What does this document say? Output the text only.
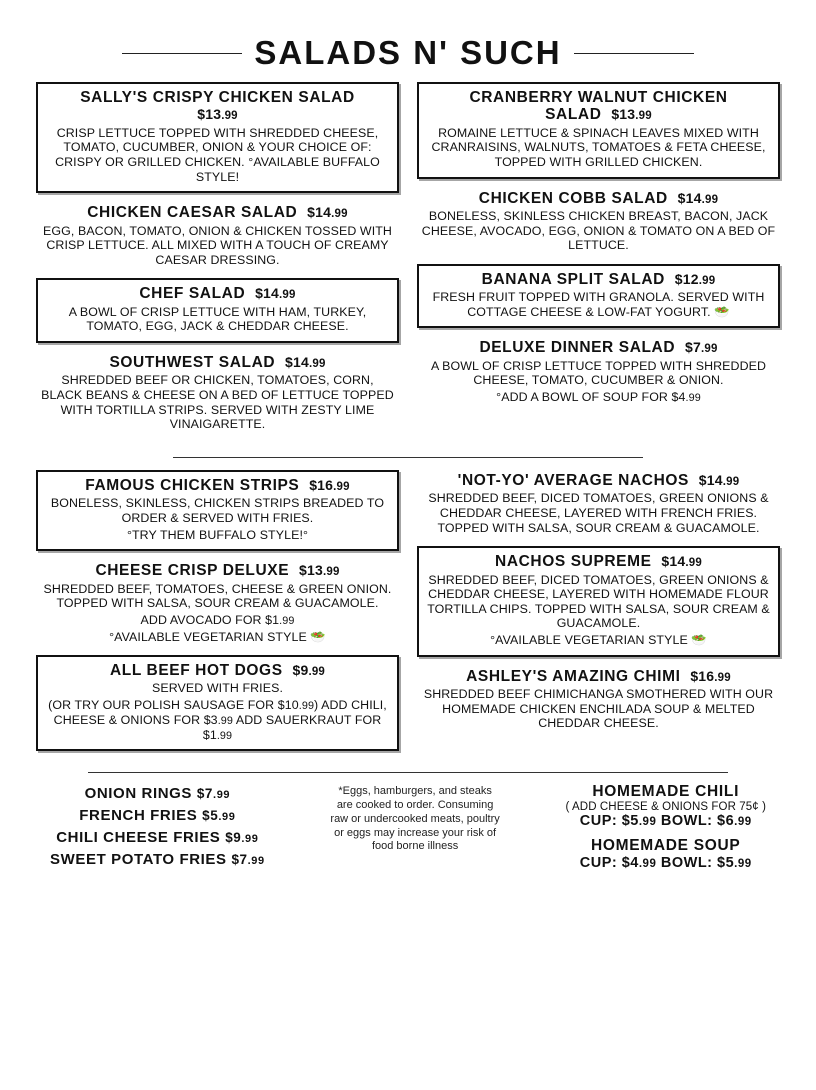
SALADS N' SUCH
SALLY'S CRISPY CHICKEN SALAD
$13.99
CRISP LETTUCE TOPPED WITH SHREDDED CHEESE, TOMATO, CUCUMBER, ONION & YOUR CHOICE OF: CRISPY OR GRILLED CHICKEN. °AVAILABLE BUFFALO STYLE!
CHICKEN CAESAR SALAD  $14.99
EGG, BACON, TOMATO, ONION & CHICKEN TOSSED WITH CRISP LETTUCE. ALL MIXED WITH A TOUCH OF CREAMY CAESAR DRESSING.
CHEF SALAD  $14.99
A BOWL OF CRISP LETTUCE WITH HAM, TURKEY, TOMATO, EGG, JACK & CHEDDAR CHEESE.
SOUTHWEST SALAD  $14.99
SHREDDED BEEF OR CHICKEN, TOMATOES, CORN, BLACK BEANS & CHEESE ON A BED OF LETTUCE TOPPED WITH TORTILLA STRIPS. SERVED WITH ZESTY LIME VINAIGARETTE.
CRANBERRY WALNUT CHICKEN SALAD  $13.99
ROMAINE LETTUCE & SPINACH LEAVES MIXED WITH CRANRAISINS, WALNUTS, TOMATOES & FETA CHEESE, TOPPED WITH GRILLED CHICKEN.
CHICKEN COBB SALAD  $14.99
BONELESS, SKINLESS CHICKEN BREAST, BACON, JACK CHEESE, AVOCADO, EGG, ONION & TOMATO ON A BED OF LETTUCE.
BANANA SPLIT SALAD  $12.99
FRESH FRUIT TOPPED WITH GRANOLA. SERVED WITH COTTAGE CHEESE & LOW-FAT YOGURT. 🥗
DELUXE DINNER SALAD  $7.99
A BOWL OF CRISP LETTUCE TOPPED WITH SHREDDED CHEESE, TOMATO, CUCUMBER & ONION.
°ADD A BOWL OF SOUP FOR $4.99
FAMOUS CHICKEN STRIPS  $16.99
BONELESS, SKINLESS, CHICKEN STRIPS BREADED TO ORDER & SERVED WITH FRIES.
°TRY THEM BUFFALO STYLE!°
CHEESE CRISP DELUXE  $13.99
SHREDDED BEEF, TOMATOES, CHEESE & GREEN ONION. TOPPED WITH SALSA, SOUR CREAM & GUACAMOLE.
ADD AVOCADO FOR $1.99
°AVAILABLE VEGETARIAN STYLE 🥗
ALL BEEF HOT DOGS  $9.99
SERVED WITH FRIES.
(OR TRY OUR POLISH SAUSAGE FOR $10.99) ADD CHILI, CHEESE & ONIONS FOR $3.99 ADD SAUERKRAUT FOR $1.99
'NOT-YO' AVERAGE NACHOS  $14.99
SHREDDED BEEF, DICED TOMATOES, GREEN ONIONS & CHEDDAR CHEESE, LAYERED WITH FRENCH FRIES. TOPPED WITH SALSA, SOUR CREAM & GUACAMOLE.
NACHOS SUPREME  $14.99
SHREDDED BEEF, DICED TOMATOES, GREEN ONIONS & CHEDDAR CHEESE, LAYERED WITH HOMEMADE FLOUR TORTILLA CHIPS. TOPPED WITH SALSA, SOUR CREAM & GUACAMOLE.
°AVAILABLE VEGETARIAN STYLE 🥗
ASHLEY'S AMAZING CHIMI  $16.99
SHREDDED BEEF CHIMICHANGA SMOTHERED WITH OUR HOMEMADE CHICKEN ENCHILADA SOUP & MELTED CHEDDAR CHEESE.
ONION RINGS $7.99
FRENCH FRIES $5.99
CHILI CHEESE FRIES $9.99
SWEET POTATO FRIES $7.99
*Eggs, hamburgers, and steaks are cooked to order. Consuming raw or undercooked meats, poultry or eggs may increase your risk of food borne illness
HOMEMADE CHILI
( ADD CHEESE & ONIONS FOR 75¢ )
CUP: $5.99 BOWL: $6.99
HOMEMADE SOUP
CUP: $4.99 BOWL: $5.99
